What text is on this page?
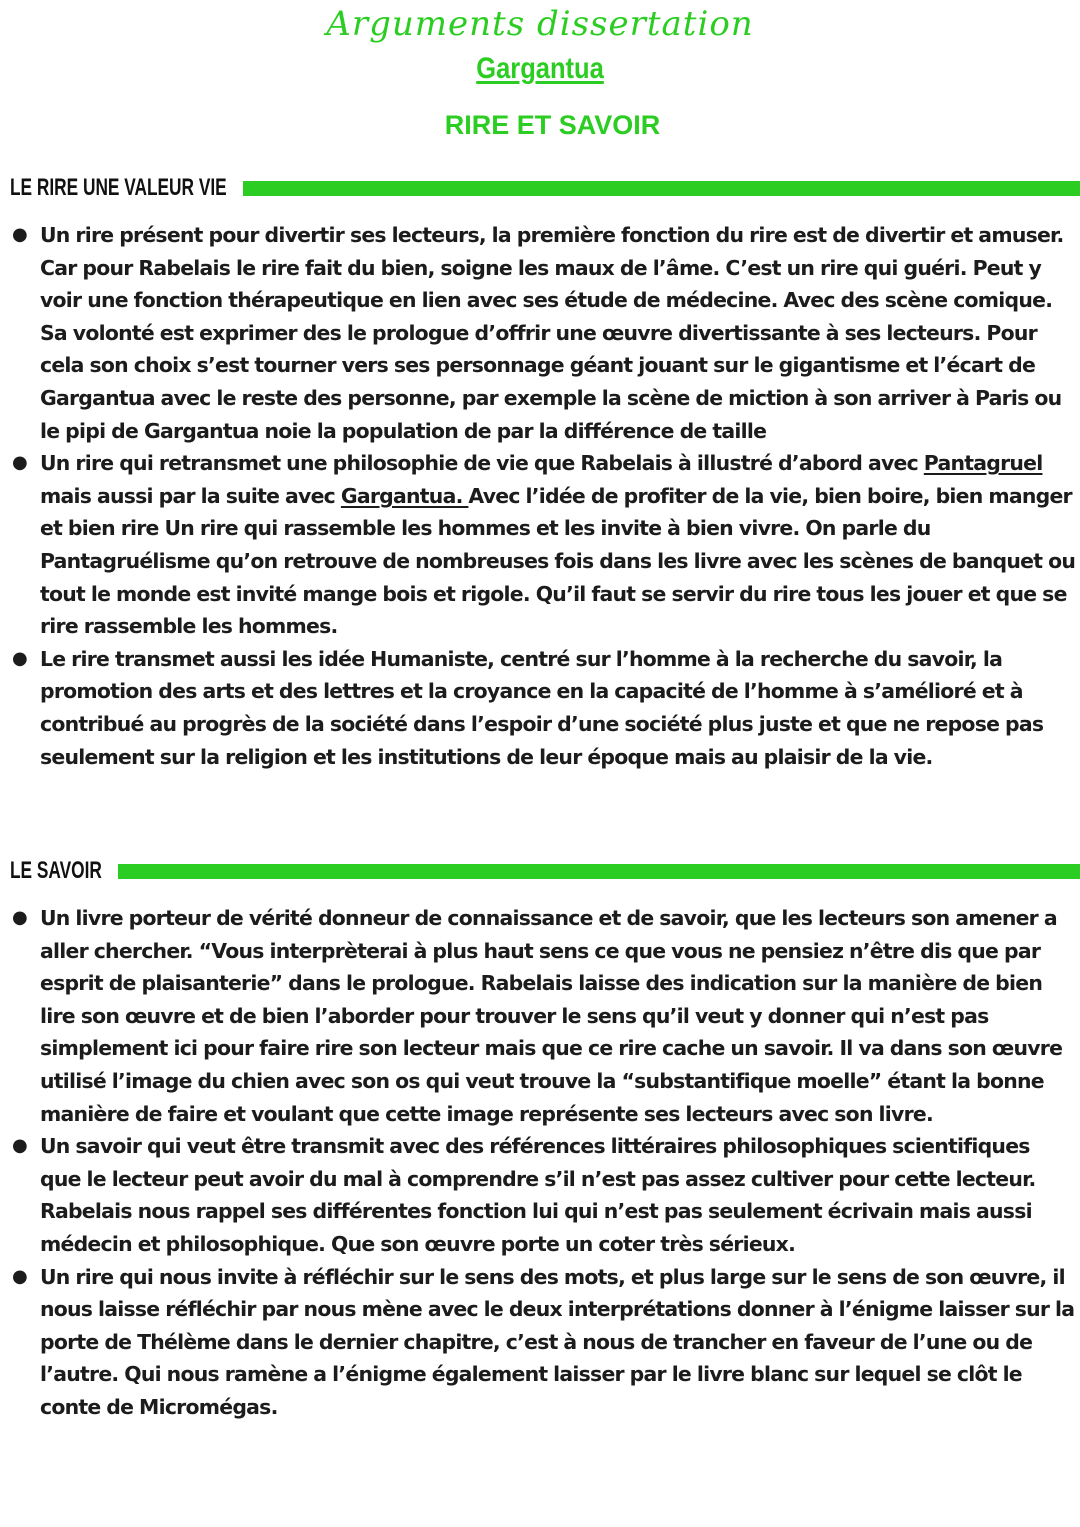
Arguments dissertation
Gargantua
RIRE ET SAVOIR
LE RIRE UNE VALEUR VIE
● Un rire présent pour divertir ses lecteurs, la première fonction du rire est de divertir et amuser. Car pour Rabelais le rire fait du bien, soigne les maux de l’âme. C’est un rire qui guéri. Peut y voir une fonction thérapeutique en lien avec ses étude de médecine. Avec des scène comique. Sa volonté est exprimer des le prologue d’offrir une œuvre divertissante à ses lecteurs. Pour cela son choix s’est tourner vers ses personnage géant jouant sur le gigantisme et l’écart de Gargantua avec le reste des personne, par exemple la scène de miction à son arriver à Paris ou le pipi de Gargantua noie la population de par la différence de taille
● Un rire qui retransmet une philosophie de vie que Rabelais à illustré d’abord avec Pantagruel mais aussi par la suite avec Gargantua. Avec l’idée de profiter de la vie, bien boire, bien manger et bien rire Un rire qui rassemble les hommes et les invite à bien vivre. On parle du Pantagruélisme qu’on retrouve de nombreuses fois dans les livre avec les scènes de banquet ou tout le monde est invité mange bois et rigole. Qu’il faut se servir du rire tous les jouer et que se rire rassemble les hommes.
● Le rire transmet aussi les idée Humaniste, centré sur l’homme à la recherche du savoir, la promotion des arts et des lettres et la croyance en la capacité de l’homme à s’amélioré et à contribué au progrès de la société dans l’espoir d’une société plus juste et que ne repose pas seulement sur la religion et les institutions de leur époque mais au plaisir de la vie.
LE SAVOIR
● Un livre porteur de vérité donneur de connaissance et de savoir, que les lecteurs son amener a aller chercher. “Vous interprèterai à plus haut sens ce que vous ne pensiez n’être dis que par esprit de plaisanterie” dans le prologue. Rabelais laisse des indication sur la manière de bien lire son œuvre et de bien l’aborder pour trouver le sens qu’il veut y donner qui n’est pas simplement ici pour faire rire son lecteur mais que ce rire cache un savoir. Il va dans son œuvre utilisé l’image du chien avec son os qui veut trouve la “substantifique moelle” étant la bonne manière de faire et voulant que cette image représente ses lecteurs avec son livre.
● Un savoir qui veut être transmit avec des références littéraires philosophiques scientifiques que le lecteur peut avoir du mal à comprendre s’il n’est pas assez cultiver pour cette lecteur. Rabelais nous rappel ses différentes fonction lui qui n’est pas seulement écrivain mais aussi médecin et philosophique. Que son œuvre porte un coter très sérieux.
● Un rire qui nous invite à réfléchir sur le sens des mots, et plus large sur le sens de son œuvre, il nous laisse réfléchir par nous mène avec le deux interprétations donner à l’énigme laisser sur la porte de Thélème dans le dernier chapitre, c’est à nous de trancher en faveur de l’une ou de l’autre. Qui nous ramène a l’énigme également laisser par le livre blanc sur lequel se clôt le conte de Micromégas.
